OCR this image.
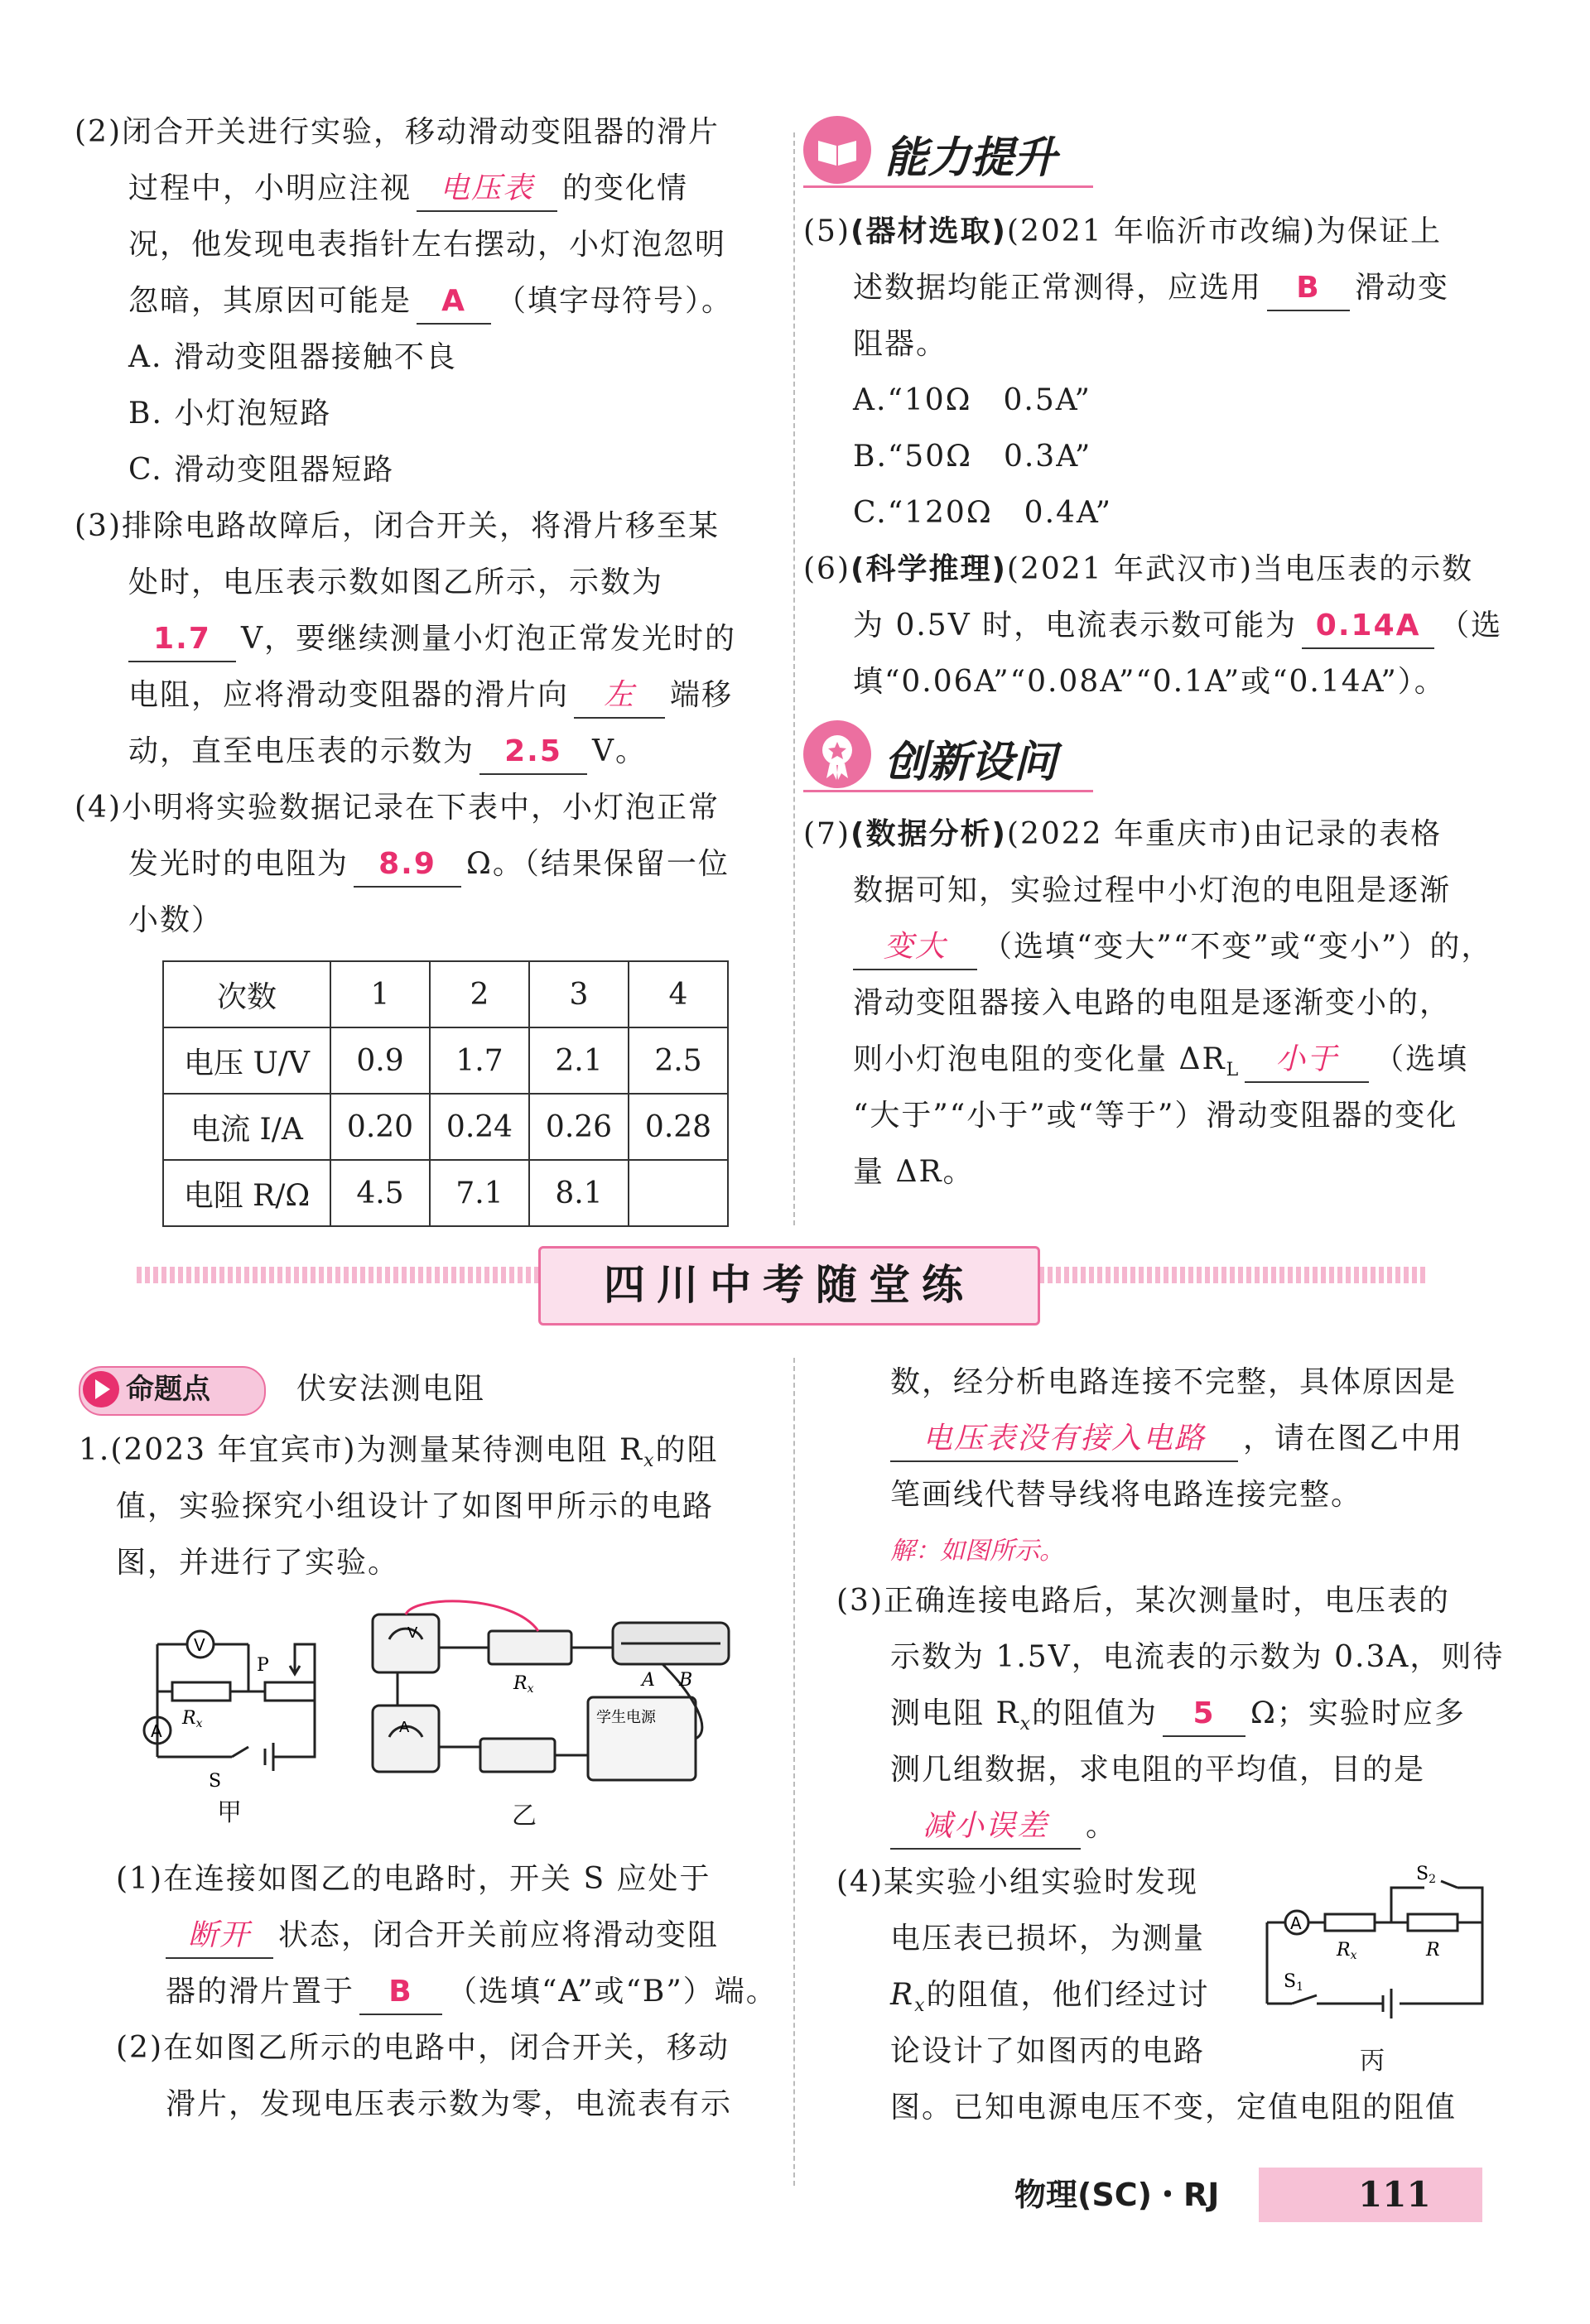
(2)闭合开关进行实验，移动滑动变阻器的滑片
过程中，小明应注视 电压表 的变化情
况，他发现电表指针左右摆动，小灯泡忽明
忽暗，其原因可能是 A （填字母符号）。
A. 滑动变阻器接触不良
B. 小灯泡短路
C. 滑动变阻器短路
(3)排除电路故障后，闭合开关，将滑片移至某
处时，电压表示数如图乙所示，示数为
1.7 V，要继续测量小灯泡正常发光时的
电阻，应将滑动变阻器的滑片向 左 端移
动，直至电压表的示数为 2.5 V。
(4)小明将实验数据记录在下表中，小灯泡正常
发光时的电阻为 8.9 Ω。（结果保留一位
小数）
次数	1	2	3	4
电压 U/V	0.9	1.7	2.1	2.5
电流 I/A	0.20	0.24	0.26	0.28
电阻 R/Ω	4.5	7.1	8.1	
能力提升
(5)(器材选取)(2021 年临沂市改编)为保证上
述数据均能正常测得，应选用 B 滑动变
阻器。
A.“10Ω　0.5A”
B.“50Ω　0.3A”
C.“120Ω　0.4A”
(6)(科学推理)(2021 年武汉市)当电压表的示数
为 0.5V 时，电流表示数可能为 0.14A （选
填“0.06A”“0.08A”“0.1A”或“0.14A”）。
创新设问
(7)(数据分析)(2022 年重庆市)由记录的表格
数据可知，实验过程中小灯泡的电阻是逐渐
变大 （选填“变大”“不变”或“变小”）的，
滑动变阻器接入电路的电阻是逐渐变小的，
则小灯泡电阻的变化量 $\Delta R_L$ 小于 （选填
“大于”“小于”或“等于”）滑动变阻器的变化
量 ΔR。
四川中考随堂练
命题点	伏安法测电阻
1.(2023 年宜宾市)为测量某待测电阻 $R_x$的阻
值，实验探究小组设计了如图甲所示的电路
图，并进行了实验。
V
A
P
Rx
S
甲
V
A
Rx	A B
学生电源
乙
(1)在连接如图乙的电路时，开关 S 应处于
断开 状态，闭合开关前应将滑动变阻
器的滑片置于 B （选填“A”或“B”）端。
(2)在如图乙所示的电路中，闭合开关，移动
滑片，发现电压表示数为零，电流表有示
数，经分析电路连接不完整，具体原因是
电压表没有接入电路 ，请在图乙中用
笔画线代替导线将电路连接完整。
解：如图所示。
(3)正确连接电路后，某次测量时，电压表的
示数为 1.5V，电流表的示数为 0.3A，则待
测电阻 $R_x$的阻值为 5 Ω；实验时应多
测几组数据，求电阻的平均值，目的是
减小误差 。
(4)某实验小组实验时发现
电压表已损坏，为测量
$R_x$的阻值，他们经过讨
论设计了如图丙的电路
图。已知电源电压不变，定值电阻的阻值
A
Rx	R
S2
S1
丙
物理(SC)・RJ	111
